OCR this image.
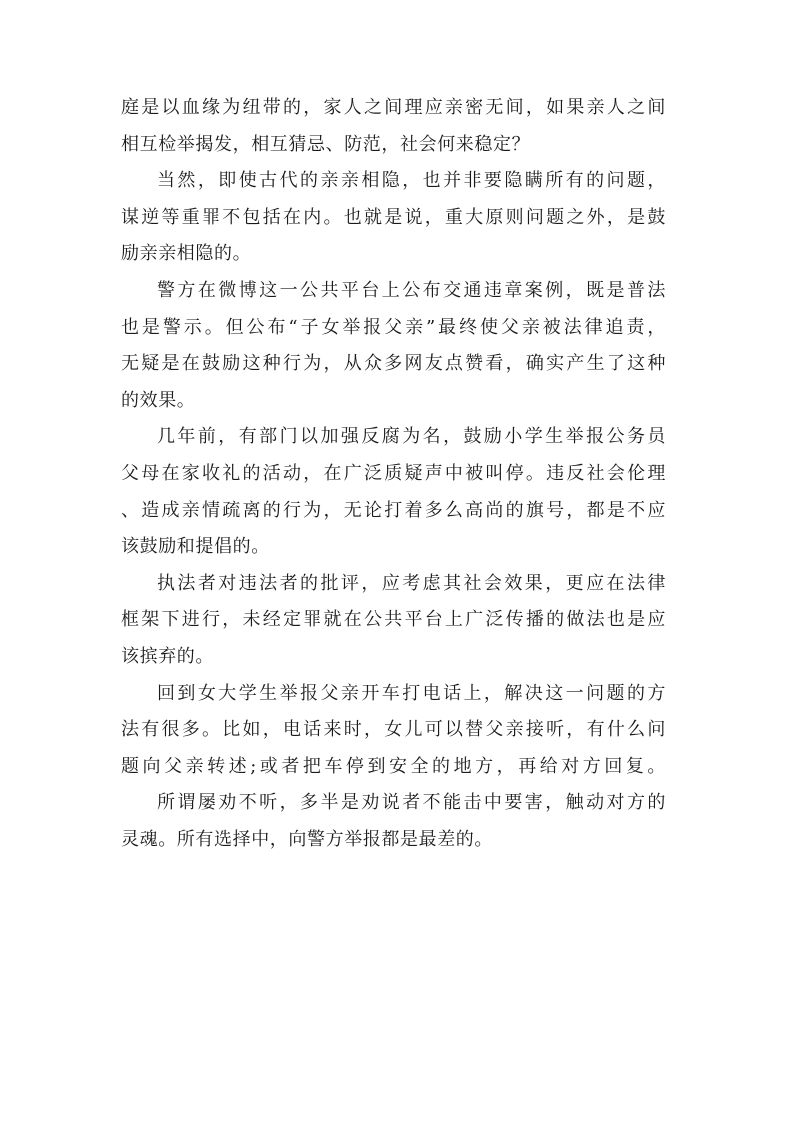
庭是以血缘为纽带的，家人之间理应亲密无间，如果亲人之间
相互检举揭发，相互猜忌、防范，社会何来稳定？

当然，即使古代的亲亲相隐，也并非要隐瞒所有的问题，
谋逆等重罪不包括在内。也就是说，重大原则问题之外，是鼓
励亲亲相隐的。

警方在微博这一公共平台上公布交通违章案例，既是普法
也是警示。但公布“子女举报父亲”最终使父亲被法律追责，
无疑是在鼓励这种行为，从众多网友点赞看，确实产生了这种
的效果。

几年前，有部门以加强反腐为名，鼓励小学生举报公务员
父母在家收礼的活动，在广泛质疑声中被叫停。违反社会伦理
、造成亲情疏离的行为，无论打着多么高尚的旗号，都是不应
该鼓励和提倡的。

执法者对违法者的批评，应考虑其社会效果，更应在法律
框架下进行，未经定罪就在公共平台上广泛传播的做法也是应
该摈弃的。

回到女大学生举报父亲开车打电话上，解决这一问题的方
法有很多。比如，电话来时，女儿可以替父亲接听，有什么问
题向父亲转述;或者把车停到安全的地方，再给对方回复。

所谓屡劝不听，多半是劝说者不能击中要害，触动对方的
灵魂。所有选择中，向警方举报都是最差的。
